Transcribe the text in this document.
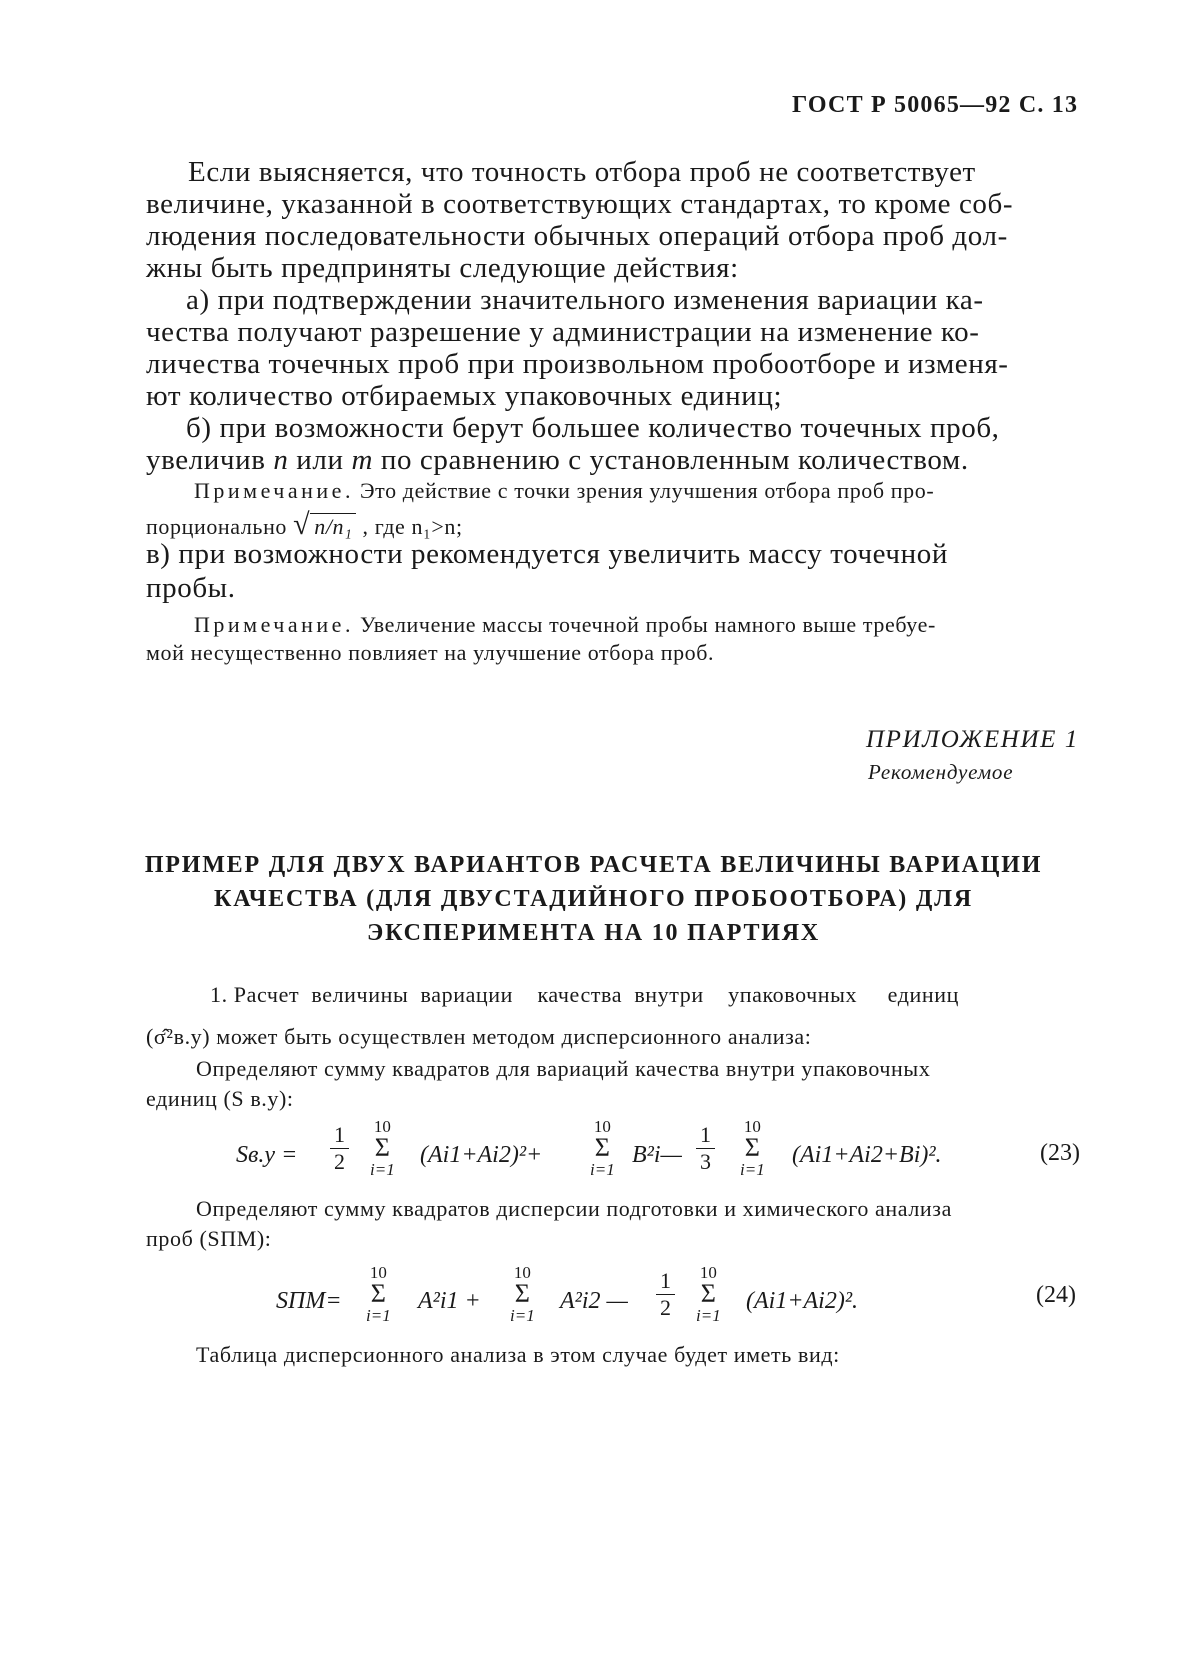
ГОСТ Р 50065—92 С. 13
Если выясняется, что точность отбора проб не соответствует
величине, указанной в соответствующих стандартах, то кроме соб-
людения последовательности обычных операций отбора проб дол-
жны быть предприняты следующие действия:
а) при подтверждении значительного изменения вариации ка-
чества получают разрешение у администрации на изменение ко-
личества точечных проб при произвольном пробоотборе и изменя-
ют количество отбираемых упаковочных единиц;
б) при возможности берут большее количество точечных проб,
увеличив n или m по сравнению с установленным количеством.
Примечание. Это действие с точки зрения улучшения отбора проб про-
порционально √ n/n₁ , где n₁>n;
в) при возможности рекомендуется увеличить массу точечной
пробы.
Примечание. Увеличение массы точечной пробы намного выше требуе-
мой несущественно повлияет на улучшение отбора проб.
ПРИЛОЖЕНИЕ 1
Рекомендуемое
ПРИМЕР ДЛЯ ДВУХ ВАРИАНТОВ РАСЧЕТА ВЕЛИЧИНЫ ВАРИАЦИИ
КАЧЕСТВА (ДЛЯ ДВУСТАДИЙНОГО ПРОБООТБОРА) ДЛЯ
ЭКСПЕРИМЕНТА НА 10 ПАРТИЯХ
1. Расчет  величины  вариации    качества  внутри    упаковочных     единиц
(σ̂²в.у) может быть осуществлен методом дисперсионного анализа:
Определяют сумму квадратов для вариаций качества внутри упаковочных
единиц (S в.у):
$Sв.у = \frac{1}{2} 10$
Σ
i=1
(Ai1+Ai2)²+
10
Σ
i=1
B²i— $\frac{1}{3} 10$
Σ
i=1
(Ai1+Ai2+Bi)².	(23)
Определяют сумму квадратов дисперсии подготовки и химического анализа
проб (SПМ):
SПМ=
10
Σ
i=1
A²i1 +
10
Σ
i=1
A²i2 — $\frac{1}{2} 10$
Σ
i=1
(Ai1+Ai2)².	(24)
Таблица дисперсионного анализа в этом случае будет иметь вид:
